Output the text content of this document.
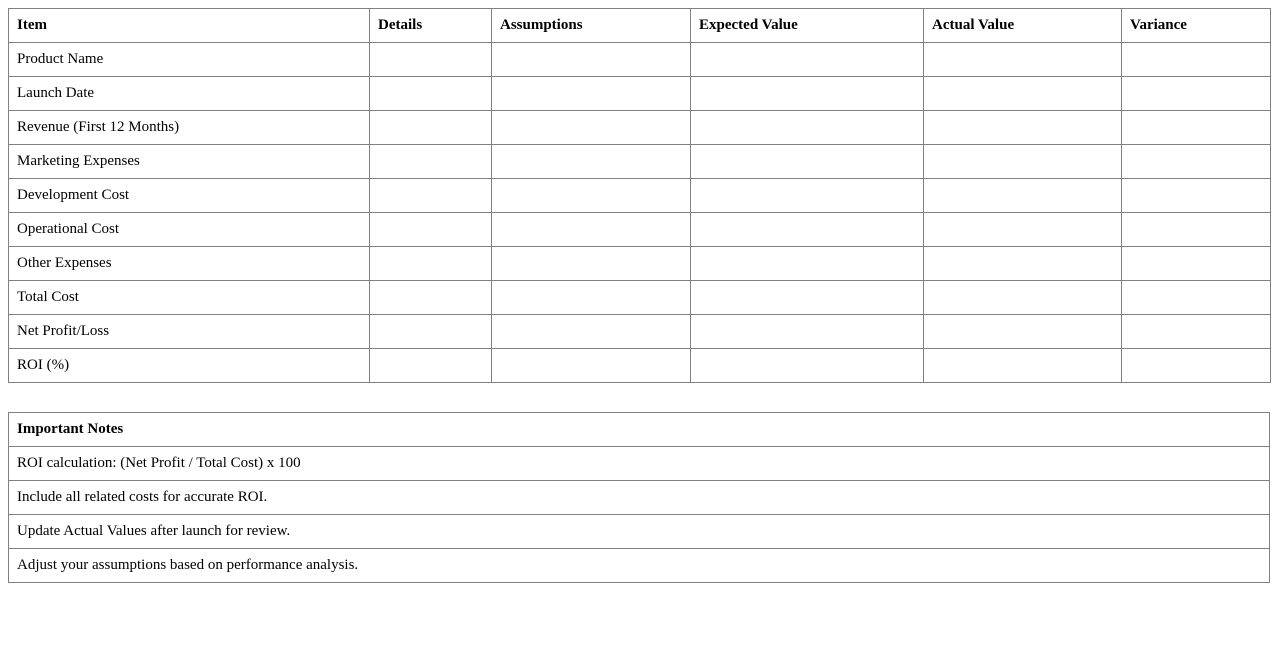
Item	Details	Assumptions	Expected Value	Actual Value	Variance
Product Name					
Launch Date					
Revenue (First 12 Months)					
Marketing Expenses					
Development Cost					
Operational Cost					
Other Expenses					
Total Cost					
Net Profit/Loss					
ROI (%)					
Important Notes
ROI calculation: (Net Profit / Total Cost) x 100
Include all related costs for accurate ROI.
Update Actual Values after launch for review.
Adjust your assumptions based on performance analysis.
